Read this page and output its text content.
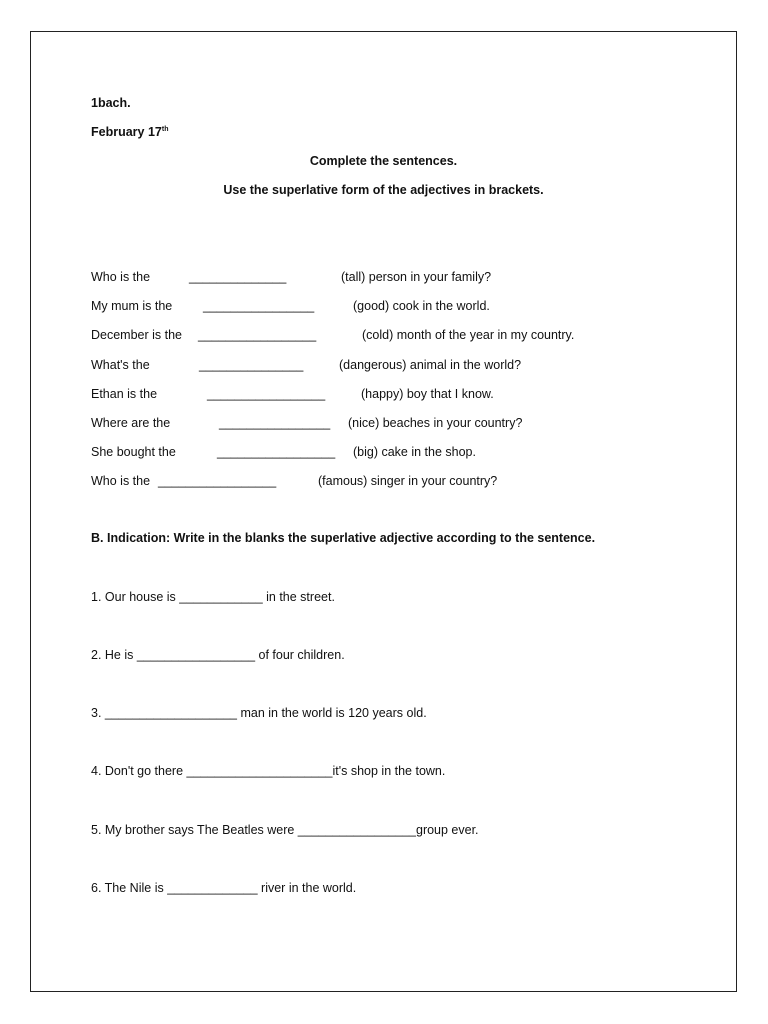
1bach.
February 17th
Complete the sentences.
Use the superlative form of the adjectives in brackets.
Who is the	______________	(tall) person in your family?
My mum is the ________________	(good) cook in the world.
December is the _________________	(cold) month of the year in my country.
What's the	_______________	(dangerous) animal in the world?
Ethan is the	_________________	(happy) boy that I know.
Where are the	________________ (nice) beaches in your country?
She bought the	_________________ (big) cake in the shop.
Who is the _________________	(famous) singer in your country?
B. Indication: Write in the blanks the superlative adjective according to the sentence.
1. Our house is ____________ in the street.
2. He is _________________ of four children.
3. ___________________ man in the world is 120 years old.
4. Don't go there _____________________it's shop in the town.
5. My brother says The Beatles were _________________group ever.
6. The Nile is _____________ river in the world.
